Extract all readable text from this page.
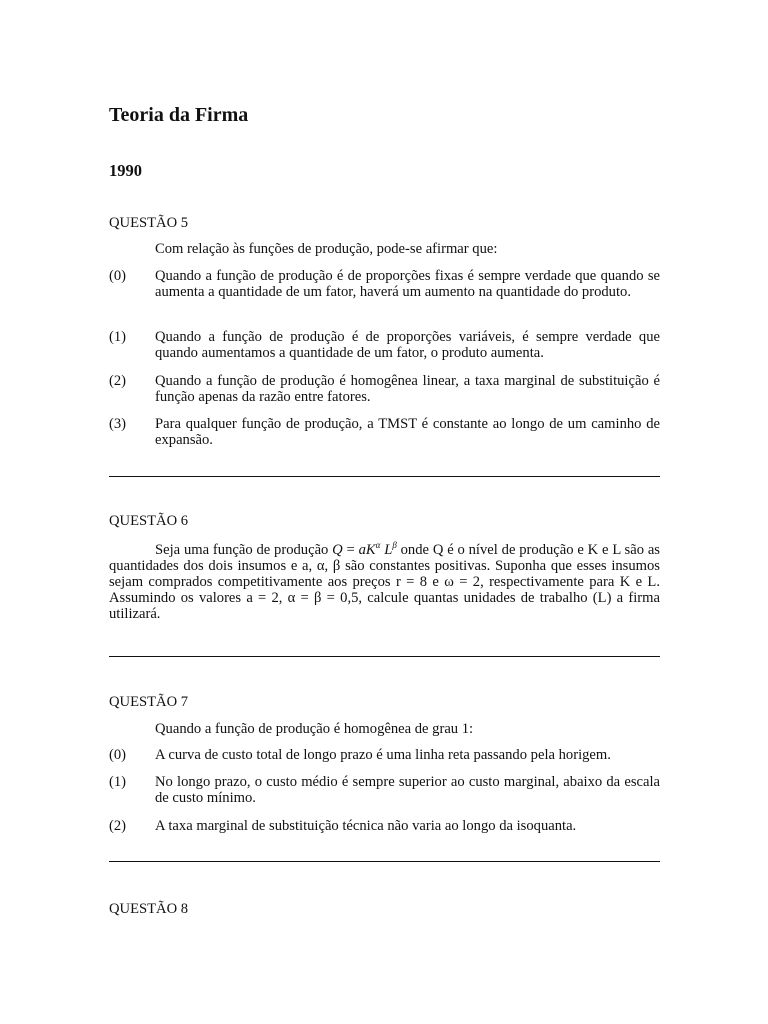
Teoria da Firma
1990
QUESTÃO 5
Com relação às funções de produção, pode-se afirmar que:
(0) Quando a função de produção é de proporções fixas é sempre verdade que quando se aumenta a quantidade de um fator, haverá um aumento na quantidade do produto.
(1) Quando a função de produção é de proporções variáveis, é sempre verdade que quando aumentamos a quantidade de um fator, o produto aumenta.
(2) Quando a função de produção é homogênea linear, a taxa marginal de substituição é função apenas da razão entre fatores.
(3) Para qualquer função de produção, a TMST é constante ao longo de um caminho de expansão.
QUESTÃO 6
Seja uma função de produção $Q = aK^\alpha$ $L^\beta$ onde Q é o nível de produção e K e L são as quantidades dos dois insumos e a, α, β são constantes positivas. Suponha que esses insumos sejam comprados competitivamente aos preços r = 8 e ω = 2, respectivamente para K e L. Assumindo os valores a = 2, α = β = 0,5, calcule quantas unidades de trabalho (L) a firma utilizará.
QUESTÃO 7
Quando a função de produção é homogênea de grau 1:
(0) A curva de custo total de longo prazo é uma linha reta passando pela horigem.
(1) No longo prazo, o custo médio é sempre superior ao custo marginal, abaixo da escala de custo mínimo.
(2) A taxa marginal de substituição técnica não varia ao longo da isoquanta.
QUESTÃO 8
